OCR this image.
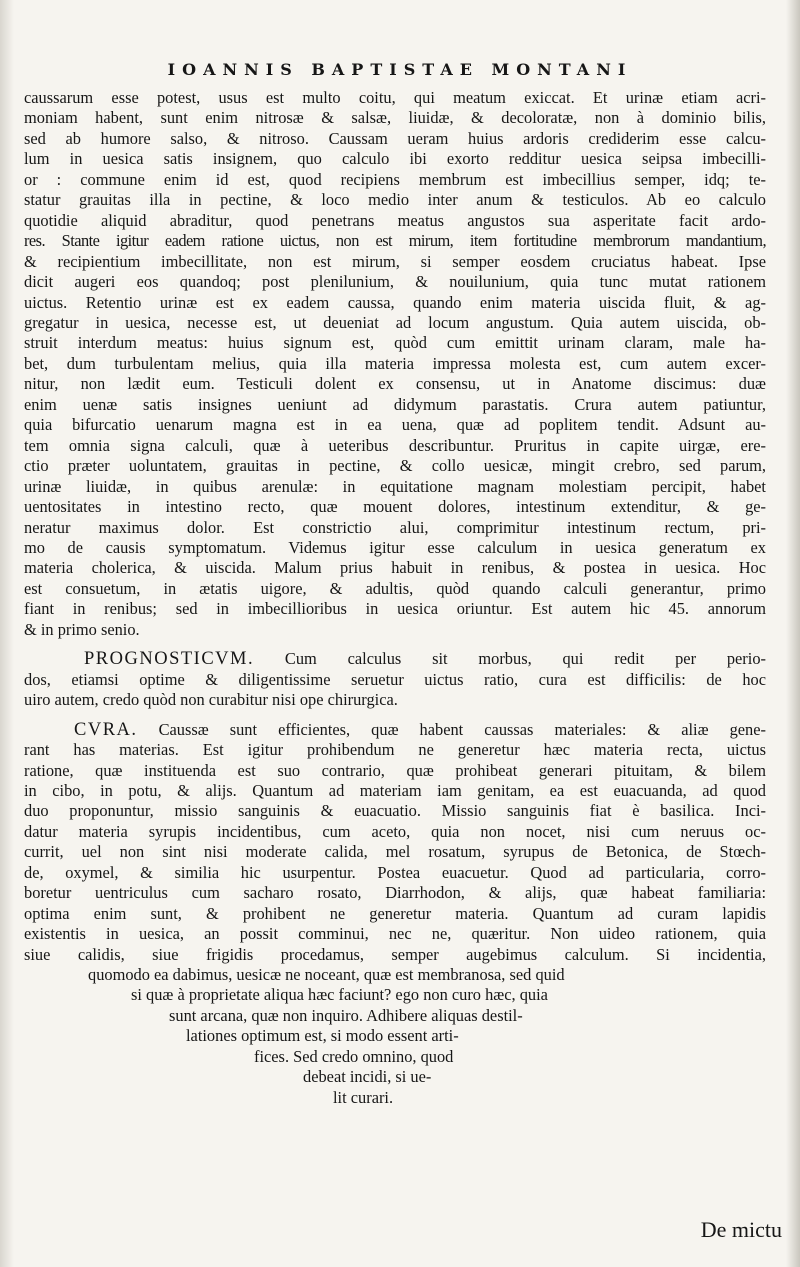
IOANNIS BAPTISTAE MONTANI
caussarum esse potest, usus est multo coitu, qui meatum exiccat. Et urinæ etiam acri-
moniam habent, sunt enim nitrosæ & salsæ, liuidæ, & decoloratæ, non à dominio bilis,
sed ab humore salso, & nitroso. Caussam ueram huius ardoris crediderim esse calcu-
lum in uesica satis insignem, quo calculo ibi exorto redditur uesica seipsa imbecilli-
or : commune enim id est, quod recipiens membrum est imbecillius semper, idq; te-
statur grauitas illa in pectine, & loco medio inter anum & testiculos. Ab eo calculo
quotidie aliquid abraditur, quod penetrans meatus angustos sua asperitate facit ardo-
res. Stante igitur eadem ratione uictus, non est mirum, item fortitudine membrorum mandantium,
& recipientium imbecillitate, non est mirum, si semper eosdem cruciatus habeat. Ipse
dicit augeri eos quandoq; post plenilunium, & nouilunium, quia tunc mutat rationem
uictus. Retentio urinæ est ex eadem caussa, quando enim materia uiscida fluit, & ag-
gregatur in uesica, necesse est, ut deueniat ad locum angustum. Quia autem uiscida, ob-
struit interdum meatus: huius signum est, quòd cum emittit urinam claram, male ha-
bet, dum turbulentam melius, quia illa materia impressa molesta est, cum autem excer-
nitur, non lædit eum. Testiculi dolent ex consensu, ut in Anatome discimus: duæ
enim uenæ satis insignes ueniunt ad didymum parastatis. Crura autem patiuntur,
quia bifurcatio uenarum magna est in ea uena, quæ ad poplitem tendit. Adsunt au-
tem omnia signa calculi, quæ à ueteribus describuntur. Pruritus in capite uirgæ, ere-
ctio præter uoluntatem, grauitas in pectine, & collo uesicæ, mingit crebro, sed parum,
urinæ liuidæ, in quibus arenulæ: in equitatione magnam molestiam percipit, habet
uentositates in intestino recto, quæ mouent dolores, intestinum extenditur, & ge-
neratur maximus dolor. Est constrictio alui, comprimitur intestinum rectum, pri-
mo de causis symptomatum. Videmus igitur esse calculum in uesica generatum ex
materia cholerica, & uiscida. Malum prius habuit in renibus, & postea in uesica. Hoc
est consuetum, in ætatis uigore, & adultis, quòd quando calculi generantur, primo
fiant in renibus; sed in imbecillioribus in uesica oriuntur. Est autem hic 45. annorum
& in primo senio.
PROGNOSTICVM. Cum calculus sit morbus, qui redit per perio-
dos, etiamsi optime & diligentissime seruetur uictus ratio, cura est difficilis: de hoc
uiro autem, credo quòd non curabitur nisi ope chirurgica.
CVRA. Caussæ sunt efficientes, quæ habent caussas materiales: & aliæ gene-
rant has materias. Est igitur prohibendum ne generetur hæc materia recta, uictus
ratione, quæ instituenda est suo contrario, quæ prohibeat generari pituitam, & bilem
in cibo, in potu, & alijs. Quantum ad materiam iam genitam, ea est euacuanda, ad quod
duo proponuntur, missio sanguinis & euacuatio. Missio sanguinis fiat è basilica. Inci-
datur materia syrupis incidentibus, cum aceto, quia non nocet, nisi cum neruus oc-
currit, uel non sint nisi moderate calida, mel rosatum, syrupus de Betonica, de Stœch-
de, oxymel, & similia hic usurpentur. Postea euacuetur. Quod ad particularia, corro-
boretur uentriculus cum sacharo rosato, Diarrhodon, & alijs, quæ habeat familiaria:
optima enim sunt, & prohibent ne generetur materia. Quantum ad curam lapidis
existentis in uesica, an possit comminui, nec ne, quæritur. Non uideo rationem, quia
siue calidis, siue frigidis procedamus, semper augebimus calculum. Si incidentia,
quomodo ea dabimus, uesicæ ne noceant, quæ est membranosa, sed quid
si quæ à proprietate aliqua hæc faciunt? ego non curo hæc, quia
sunt arcana, quæ non inquiro. Adhibere aliquas destil-
lationes optimum est, si modo essent arti-
fices. Sed credo omnino, quod
debeat incidi, si ue-
lit curari.
De mictu
